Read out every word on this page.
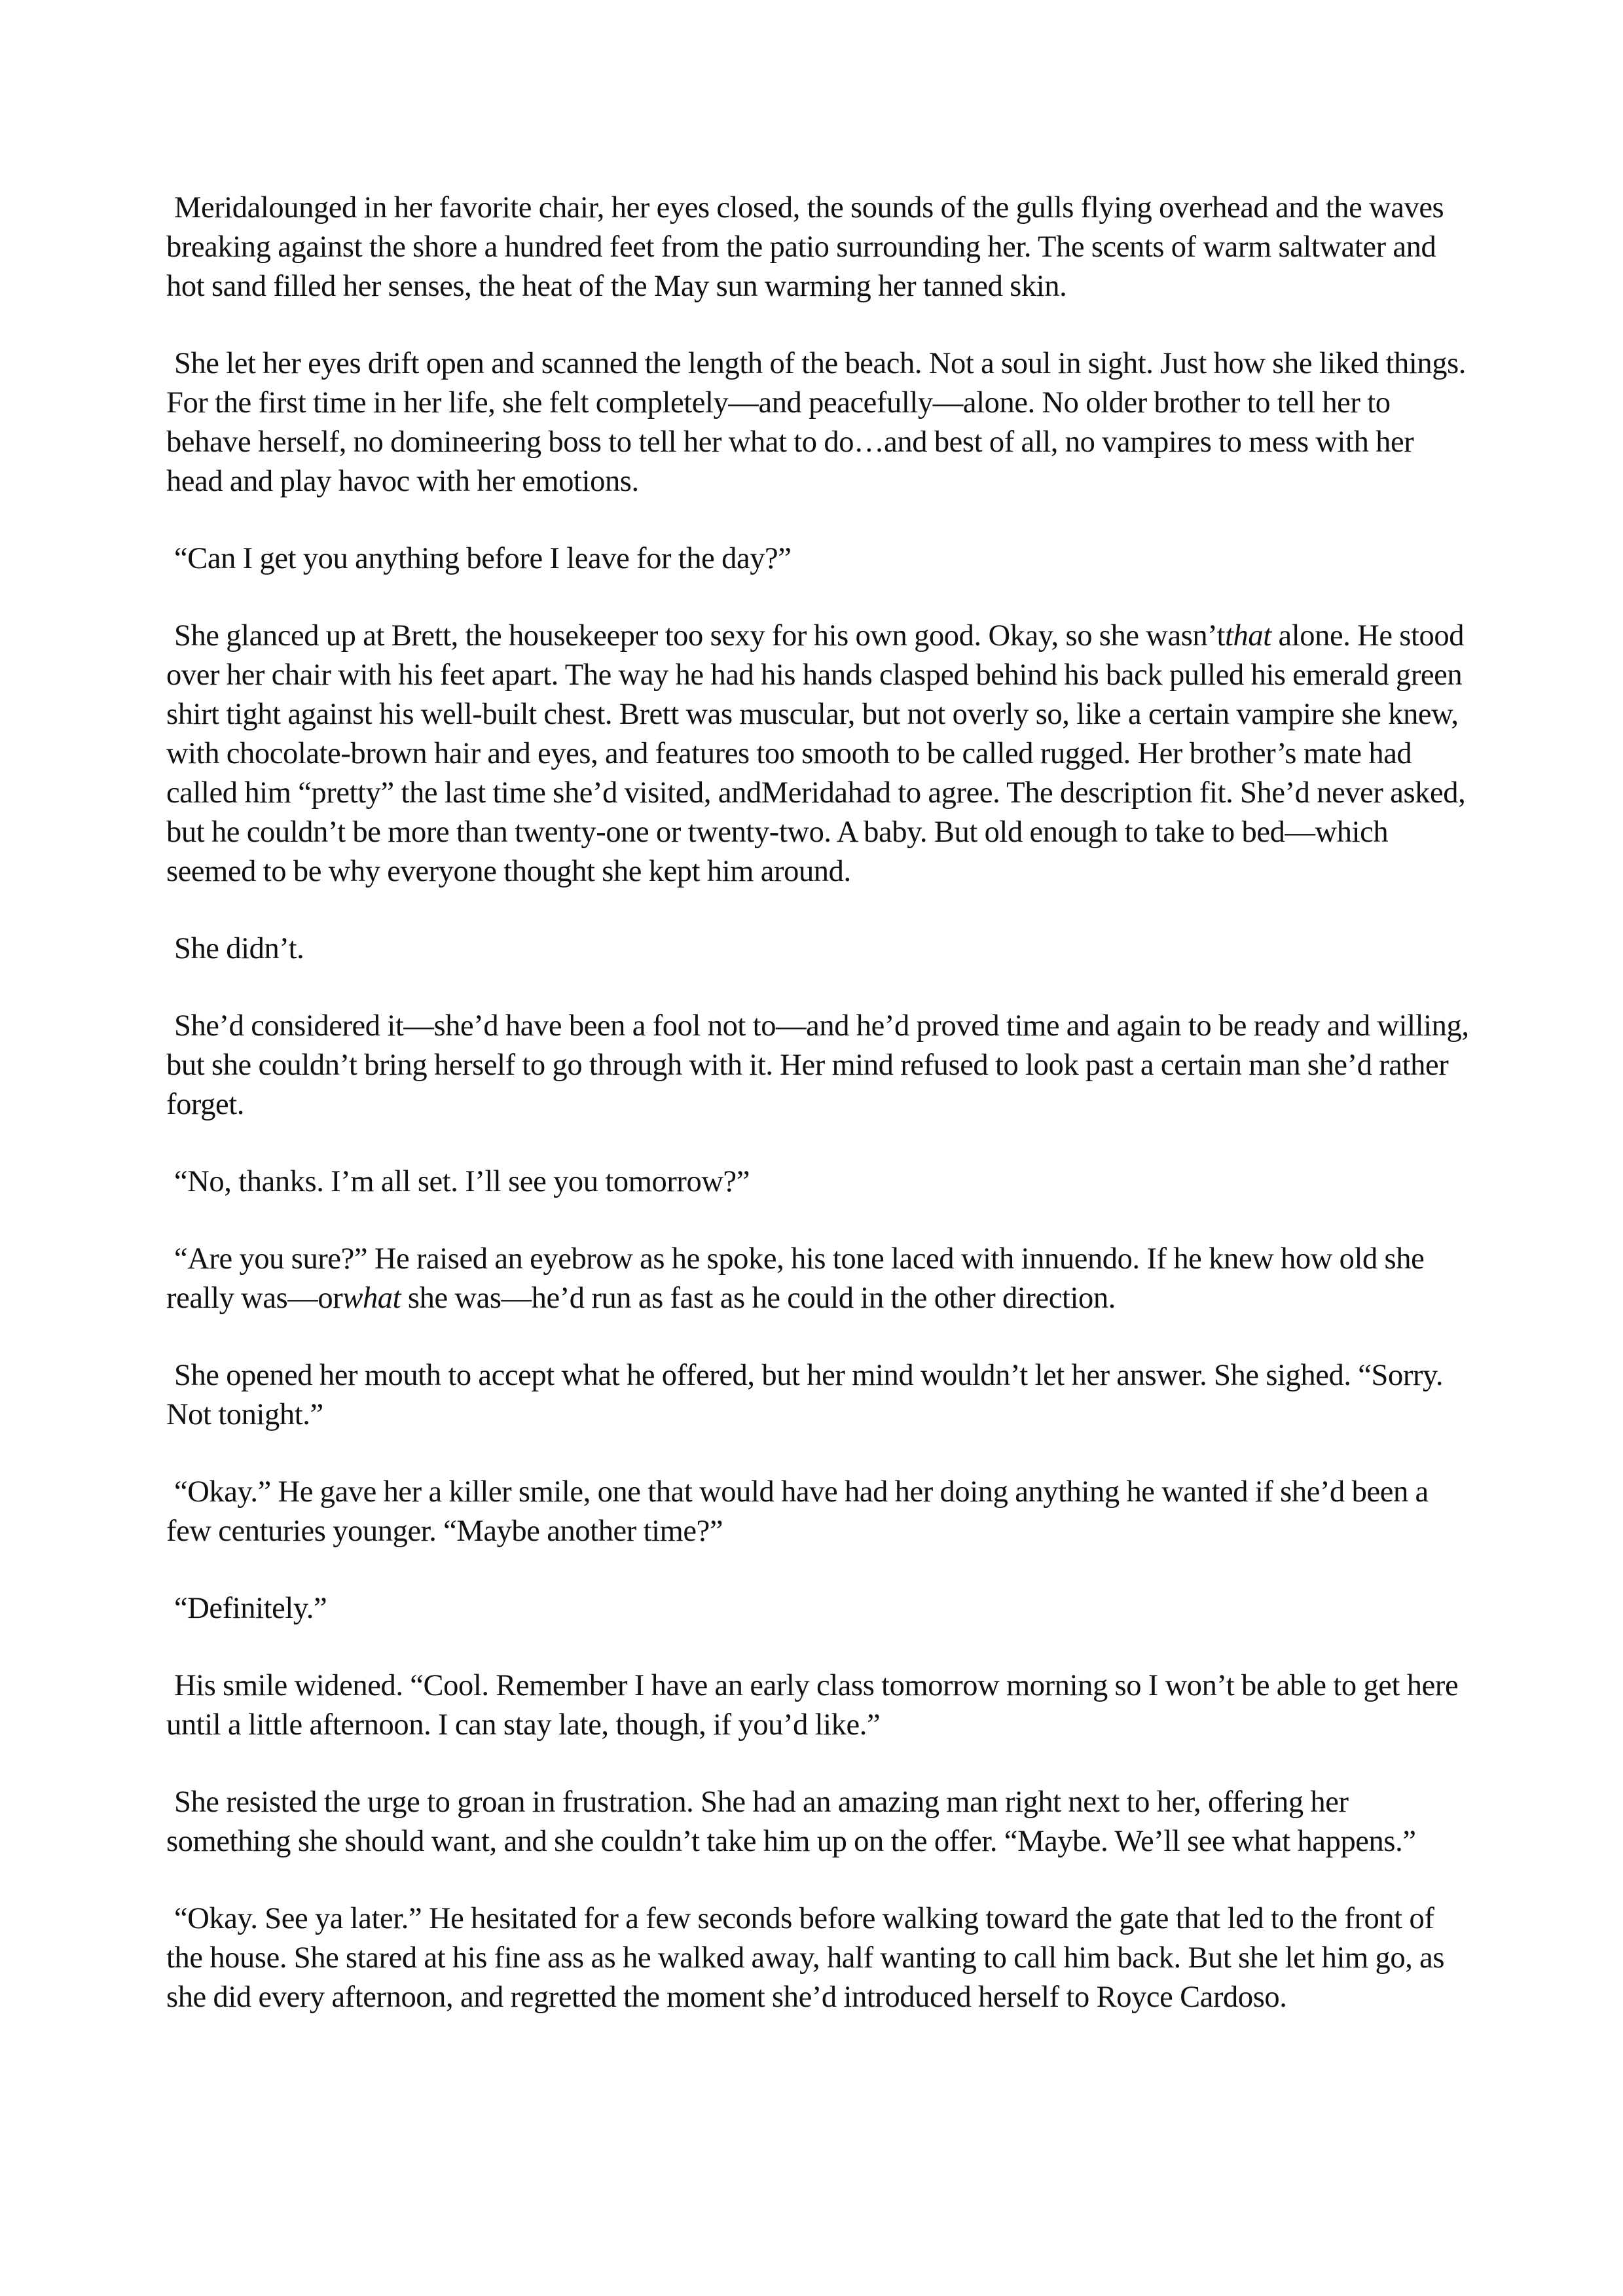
Meridalounged in her favorite chair, her eyes closed, the sounds of the gulls flying overhead and the waves breaking against the shore a hundred feet from the patio surrounding her. The scents of warm saltwater and hot sand filled her senses, the heat of the May sun warming her tanned skin.

She let her eyes drift open and scanned the length of the beach. Not a soul in sight. Just how she liked things. For the first time in her life, she felt completely—and peacefully—alone. No older brother to tell her to behave herself, no domineering boss to tell her what to do…and best of all, no vampires to mess with her head and play havoc with her emotions.

“Can I get you anything before I leave for the day?”

She glanced up at Brett, the housekeeper too sexy for his own good. Okay, so she wasn’tthat alone. He stood over her chair with his feet apart. The way he had his hands clasped behind his back pulled his emerald green shirt tight against his well-built chest. Brett was muscular, but not overly so, like a certain vampire she knew, with chocolate-brown hair and eyes, and features too smooth to be called rugged. Her brother’s mate had called him “pretty” the last time she’d visited, andMeridahad to agree. The description fit. She’d never asked, but he couldn’t be more than twenty-one or twenty-two. A baby. But old enough to take to bed—which seemed to be why everyone thought she kept him around.

She didn’t.

She’d considered it—she’d have been a fool not to—and he’d proved time and again to be ready and willing, but she couldn’t bring herself to go through with it. Her mind refused to look past a certain man she’d rather forget.

“No, thanks. I’m all set. I’ll see you tomorrow?”

“Are you sure?” He raised an eyebrow as he spoke, his tone laced with innuendo. If he knew how old she really was—orwhat she was—he’d run as fast as he could in the other direction.

She opened her mouth to accept what he offered, but her mind wouldn’t let her answer. She sighed. “Sorry. Not tonight.”

“Okay.” He gave her a killer smile, one that would have had her doing anything he wanted if she’d been a few centuries younger. “Maybe another time?”

“Definitely.”

His smile widened. “Cool. Remember I have an early class tomorrow morning so I won’t be able to get here until a little afternoon. I can stay late, though, if you’d like.”

She resisted the urge to groan in frustration. She had an amazing man right next to her, offering her something she should want, and she couldn’t take him up on the offer. “Maybe. We’ll see what happens.”

“Okay. See ya later.” He hesitated for a few seconds before walking toward the gate that led to the front of the house. She stared at his fine ass as he walked away, half wanting to call him back. But she let him go, as she did every afternoon, and regretted the moment she’d introduced herself to Royce Cardoso.
